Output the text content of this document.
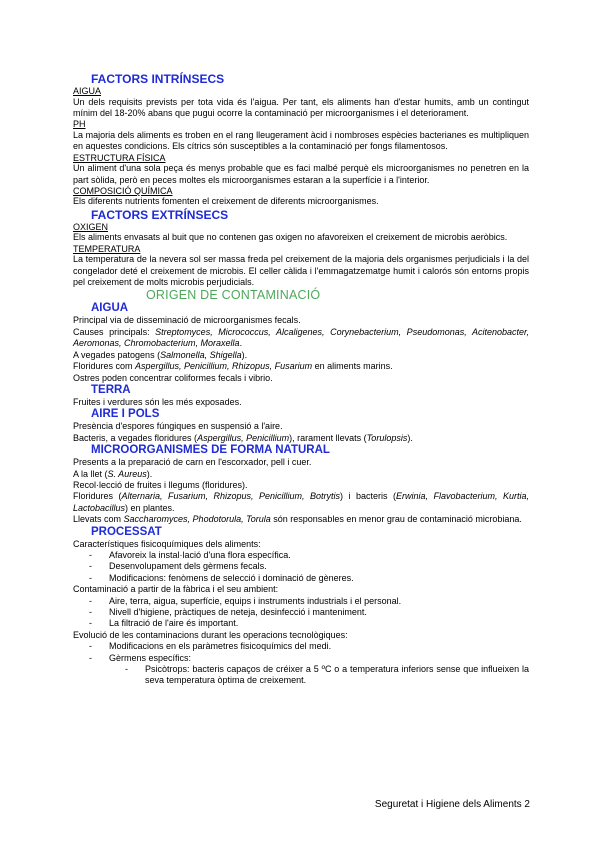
FACTORS INTRÍNSECS
AIGUA

Un dels requisits prevists per tota vida és l'aigua. Per tant, els aliments han d'estar humits, amb un contingut mínim del 18-20% abans que pugui ocorre la contaminació per microorganismes i el deteriorament.

PH

La majoria dels aliments es troben en el rang lleugerament àcid i nombroses espècies bacterianes es multipliquen en aquestes condicions. Els cítrics són susceptibles a la contaminació per fongs filamentosos.

ESTRUCTURA FÍSICA

Un aliment d'una sola peça és menys probable que es faci malbé perquè els microorganismes no penetren en la part sòlida, però en peces moltes els microorganismes estaran a la superfície i a l'interior.

COMPOSICIÓ QUÍMICA

Els diferents nutrients fomenten el creixement de diferents microorganismes.

FACTORS EXTRÍNSECS
OXIGEN

Els aliments envasats al buit que no contenen gas oxigen no afavoreixen el creixement de microbis aeròbics.

TEMPERATURA

La temperatura de la nevera sol ser massa freda pel creixement de la majoria dels organismes perjudicials i la del congelador deté el creixement de microbis. El celler càlida i l'emmagatzematge humit i calorós són entorns propis pel creixement de molts microbis perjudicials.

ORIGEN DE CONTAMINACIÓ
AIGUA

Principal via de disseminació de microorganismes fecals.

Causes principals: Streptomyces, Micrococcus, Alcaligenes, Corynebacterium, Pseudomonas, Acitenobacter, Aeromonas, Chromobacterium, Moraxella.

A vegades patogens (Salmonella, Shigella).

Floridures com Aspergillus, Penicillium, Rhizopus, Fusarium en aliments marins.

Ostres poden concentrar coliformes fecals i vibrio.

TERRA

Fruites i verdures són les més exposades.

AIRE I POLS

Presència d'espores fúngiques en suspensió a l'aire.

Bacteris, a vegades floridures (Aspergillus, Penicillium), rarament llevats (Torulopsis).

MICROORGANISMES DE FORMA NATURAL

Presents a la preparació de carn en l'escorxador, pell i cuer.

A la llet (S. Aureus).

Recol·lecció de fruites i llegums (floridures).

Floridures (Alternaria, Fusarium, Rhizopus, Penicillium, Botrytis) i bacteris (Erwinia, Flavobacterium, Kurtia, Lactobacillus) en plantes.

Llevats com Saccharomyces, Phodotorula, Torula són responsables en menor grau de contaminació microbiana.

PROCESSAT

Característiques fisicoquímiques dels aliments:

- Afavoreix la instal·lació d'una flora específica.
- Desenvolupament dels gèrmens fecals.
- Modificacions: fenòmens de selecció i dominació de gèneres.

Contaminació a partir de la fàbrica i el seu ambient:

- Aire, terra, aigua, superfície, equips i instruments industrials i el personal.
- Nivell d'higiene, pràctiques de neteja, desinfecció i manteniment.
- La filtració de l'aire és important.

Evolució de les contaminacions durant les operacions tecnològiques:

- Modificacions en els paràmetres fisicoquímics del medi.
- Gèrmens específics:
- Psicòtrops: bacteris capaços de créixer a 5 ºC o a temperatura inferiors sense que influeixen la seva temperatura òptima de creixement.
Seguretat i Higiene dels Aliments 2
